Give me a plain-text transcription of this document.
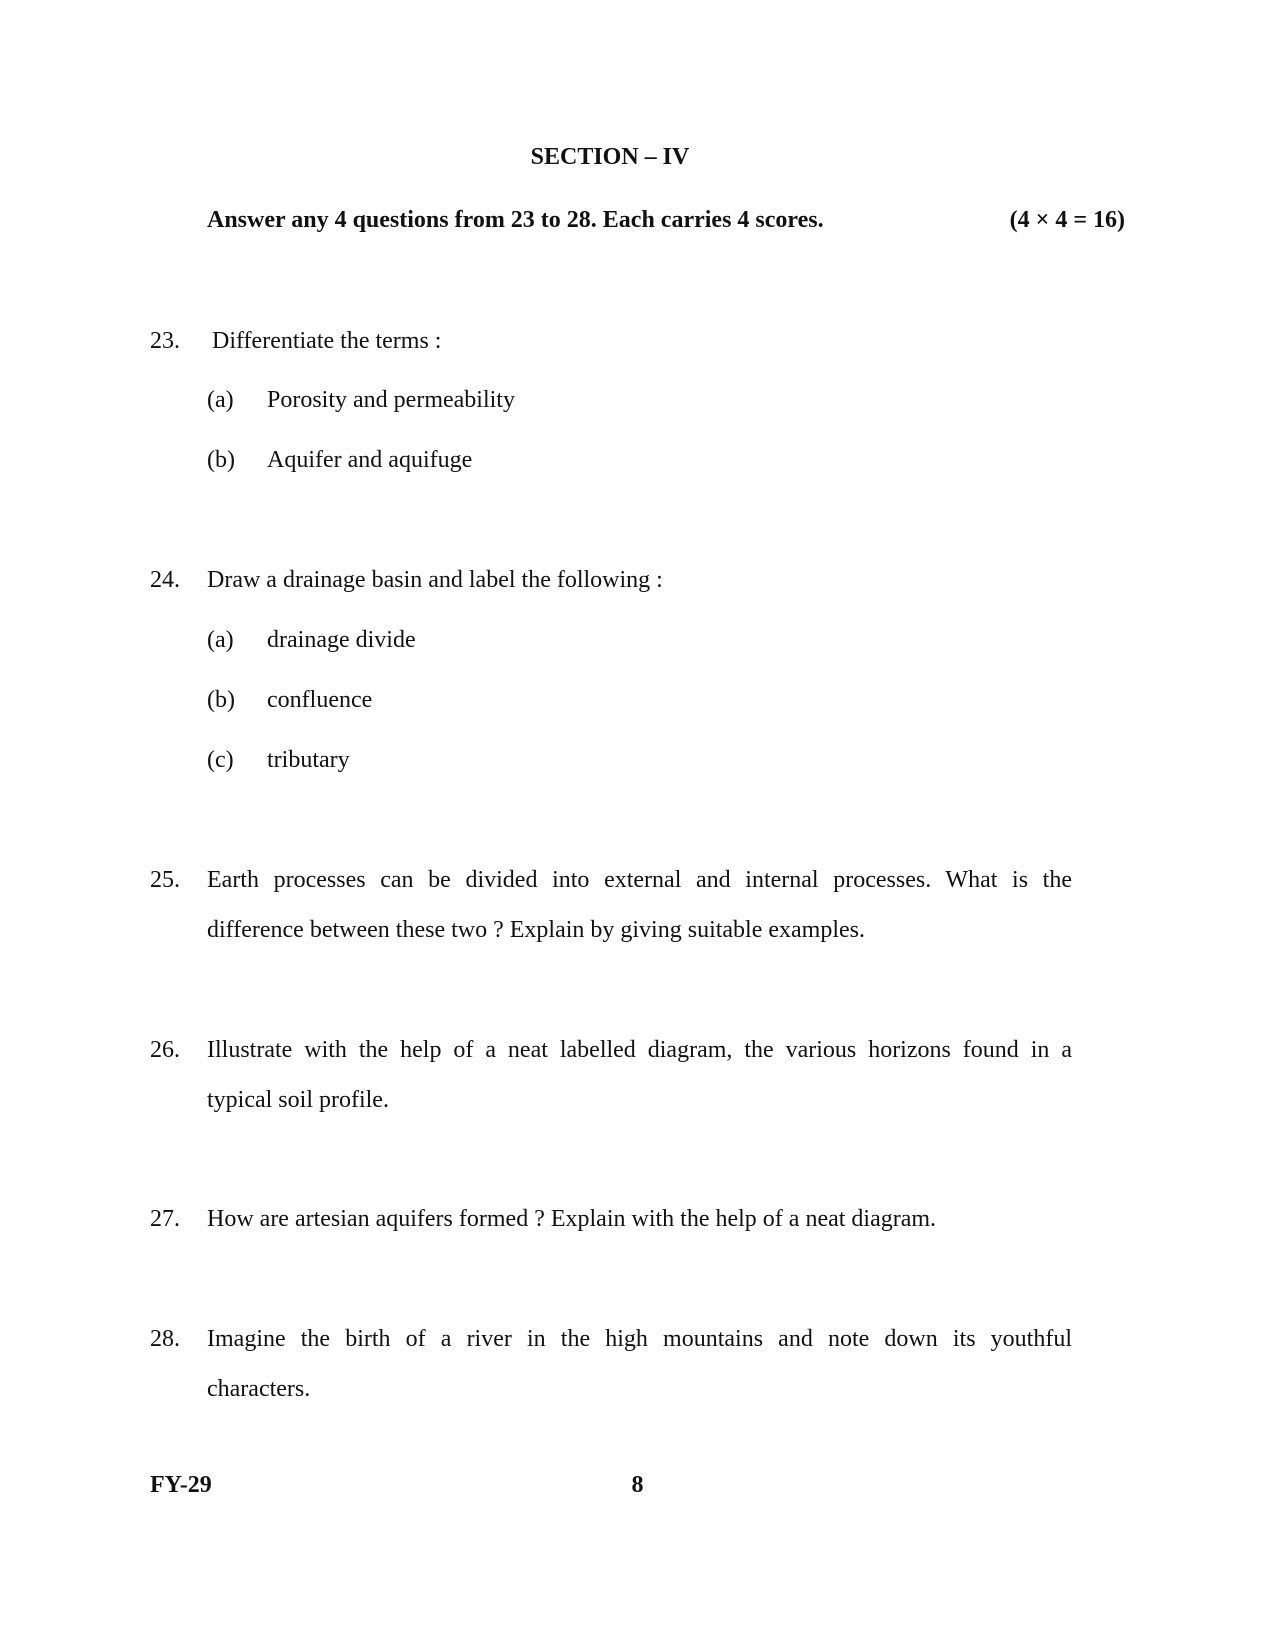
SECTION – IV
Answer any 4 questions from 23 to 28. Each carries 4 scores.	(4 × 4 = 16)
23. Differentiate the terms :
(a) Porosity and permeability
(b) Aquifer and aquifuge
24. Draw a drainage basin and label the following :
(a) drainage divide
(b) confluence
(c) tributary
25. Earth processes can be divided into external and internal processes. What is the
difference between these two ? Explain by giving suitable examples.
26. Illustrate with the help of a neat labelled diagram, the various horizons found in a
typical soil profile.
27. How are artesian aquifers formed ? Explain with the help of a neat diagram.
28. Imagine the birth of a river in the high mountains and note down its youthful
characters.
8
FY-29
